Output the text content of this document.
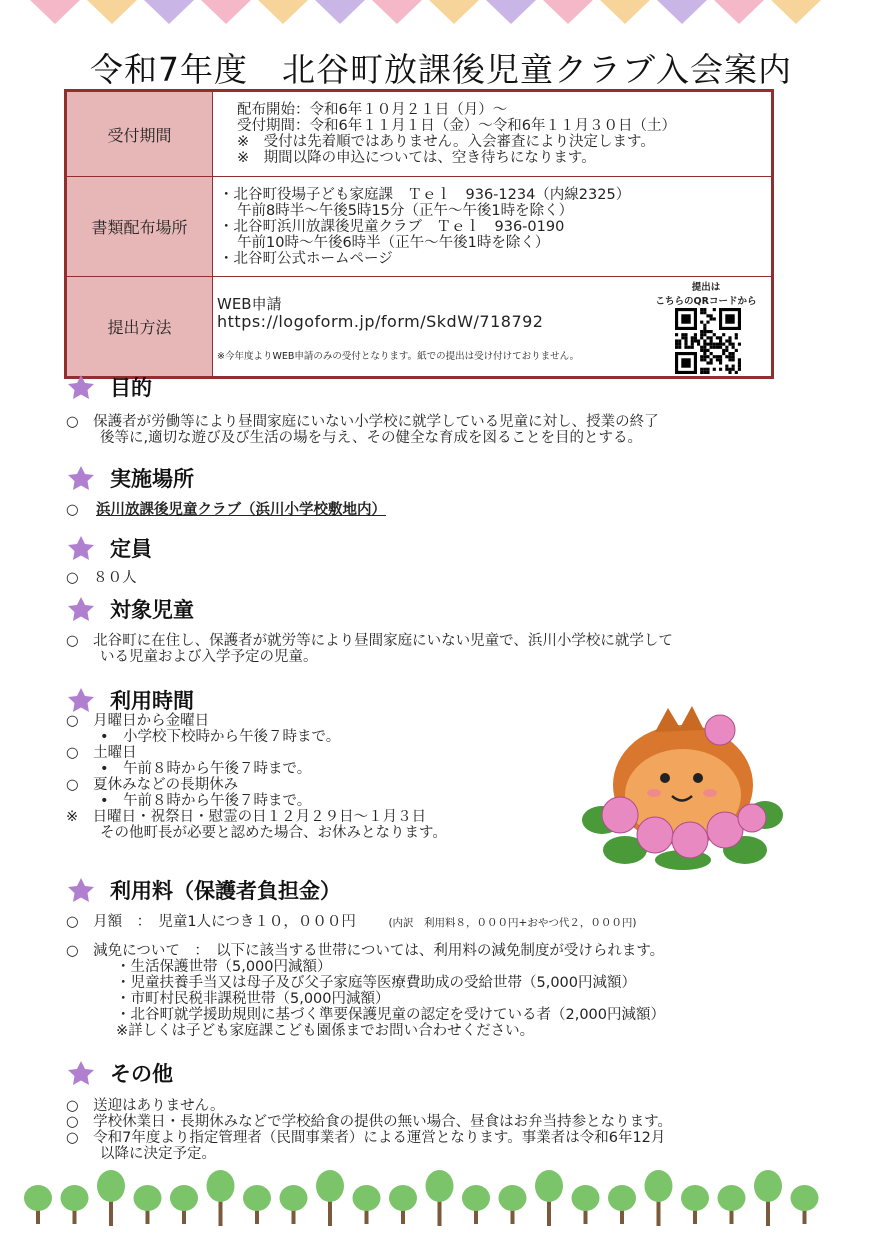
令和7年度　北谷町放課後児童クラブ入会案内
受付期間	配布開始：令和6年１０月２１日（月）～
受付期間：令和6年１１月１日（金）～令和6年１１月３０日（土）
※　受付は先着順ではありません。入会審査により決定します。
※　期間以降の申込については、空き待ちになります。

書類配布場所	・北谷町役場子ども家庭課　Ｔｅｌ　936-1234（内線2325）
午前8時半～午後5時15分（正午～午後1時を除く）
・北谷町浜川放課後児童クラブ　Ｔｅｌ　936-0190
午前10時～午後6時半（正午～午後1時を除く）
・北谷町公式ホームページ

提出方法	WEB申請
https://logoform.jp/form/SkdW/718792
※今年度よりWEB申請のみの受付となります。紙での提出は受け付けておりません。
提出は
こちらのQRコードから
目的
○　保護者が労働等により昼間家庭にいない小学校に就学している児童に対し、授業の終了
後等に,適切な遊び及び生活の場を与え、その健全な育成を図ることを目的とする。
実施場所
○ 浜川放課後児童クラブ（浜川小学校敷地内）
定員
○　８０人
対象児童
○　北谷町に在住し、保護者が就労等により昼間家庭にいない児童で、浜川小学校に就学して
いる児童および入学予定の児童。
利用時間
○　月曜日から金曜日
•　小学校下校時から午後７時まで。
○　土曜日
•　午前８時から午後７時まで。
○　夏休みなどの長期休み
•　午前８時から午後７時まで。
※　日曜日・祝祭日・慰霊の日１２月２９日～１月３日
その他町長が必要と認めた場合、お休みとなります。
利用料（保護者負担金）
○　月額　：　児童1人につき１０，０００円	(内訳　利用料８，０００円+おやつ代２，０００円)
○　減免について　：　以下に該当する世帯については、利用料の減免制度が受けられます。
・生活保護世帯（5,000円減額）
・児童扶養手当又は母子及び父子家庭等医療費助成の受給世帯（5,000円減額）
・市町村民税非課税世帯（5,000円減額）
・北谷町就学援助規則に基づく準要保護児童の認定を受けている者（2,000円減額）
※詳しくは子ども家庭課こども園係までお問い合わせください。
その他
○　送迎はありません。
○　学校休業日・長期休みなどで学校給食の提供の無い場合、昼食はお弁当持参となります。
○　令和7年度より指定管理者（民間事業者）による運営となります。事業者は令和6年12月
以降に決定予定。
